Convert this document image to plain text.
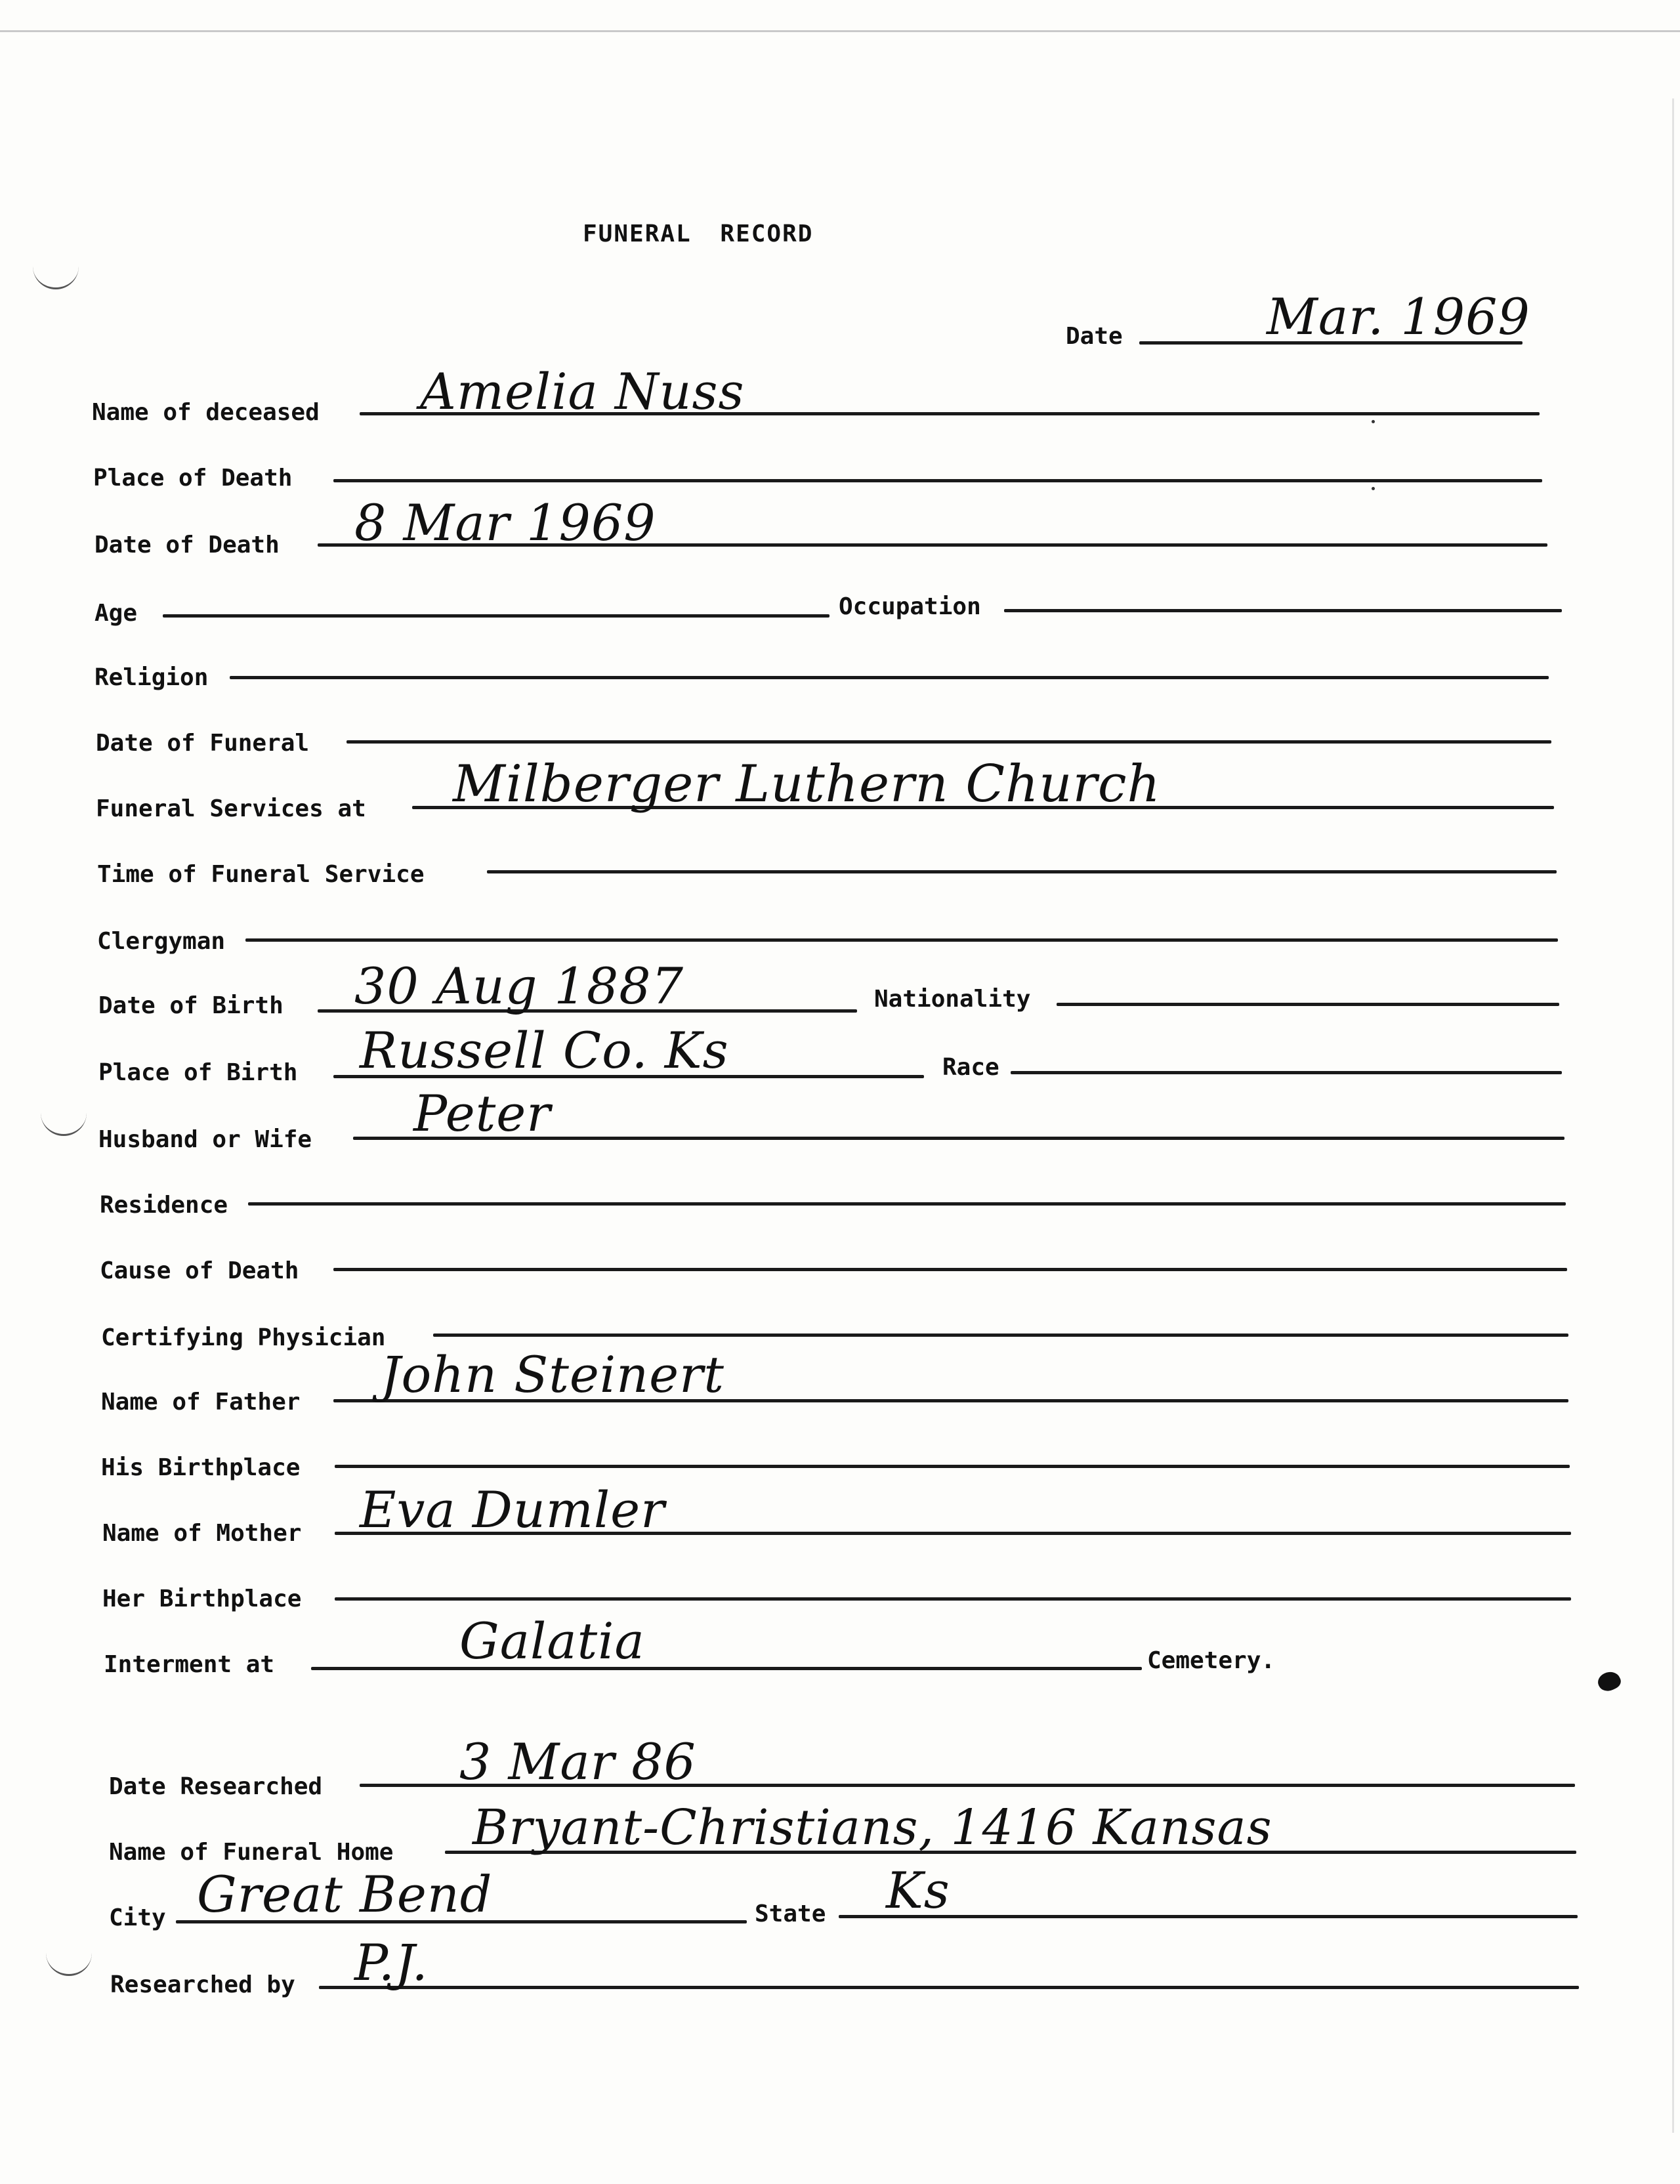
FUNERAL RECORD
Date	Mar. 1969
Name of deceased Amelia Nuss
Place of Death
Date of Death 8 Mar 1969
Age	Occupation
Religion
Date of Funeral
Funeral Services at Milberger Luthern Church
Time of Funeral Service
Clergyman
Date of Birth 30 Aug 1887	Nationality
Place of Birth Russell Co. Ks	Race
Husband or Wife Peter
Residence
Cause of Death
Certifying Physician
Name of Father John Steinert
His Birthplace
Name of Mother Eva Dumler
Her Birthplace
Interment at	Galatia	Cemetery.
Date Researched	3 Mar 86
Name of Funeral Home Bryant-Christians, 1416 Kansas
City Great Bend	State Ks
Researched by P.J.
